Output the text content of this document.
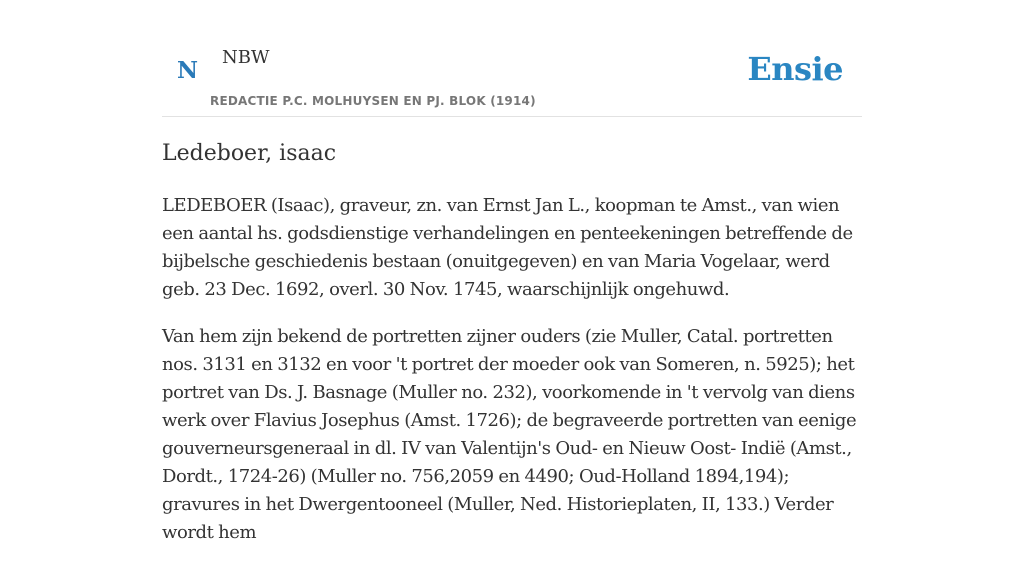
N NBW
REDACTIE P.C. MOLHUYSEN EN PJ. BLOK (1914)
Ensie
Ledeboer, isaac

LEDEBOER (Isaac), graveur, zn. van Ernst Jan L., koopman te Amst., van wien een aantal hs. godsdienstige verhandelingen en penteekeningen betreffende de bijbelsche geschiedenis bestaan (onuitgegeven) en van Maria Vogelaar, werd geb. 23 Dec. 1692, overl. 30 Nov. 1745, waarschijnlijk ongehuwd.

Van hem zijn bekend de portretten zijner ouders (zie Muller, Catal. portretten nos. 3131 en 3132 en voor 't portret der moeder ook van Someren, n. 5925); het portret van Ds. J. Basnage (Muller no. 232), voorkomende in 't vervolg van diens werk over Flavius Josephus (Amst. 1726); de begraveerde portretten van eenige gouverneursgeneraal in dl. IV van Valentijn's Oud- en Nieuw Oost- Indië (Amst., Dordt., 1724-26) (Muller no. 756,2059 en 4490; Oud-Holland 1894,194); gravures in het Dwergentooneel (Muller, Ned. Historieplaten, II, 133.) Verder wordt hem
